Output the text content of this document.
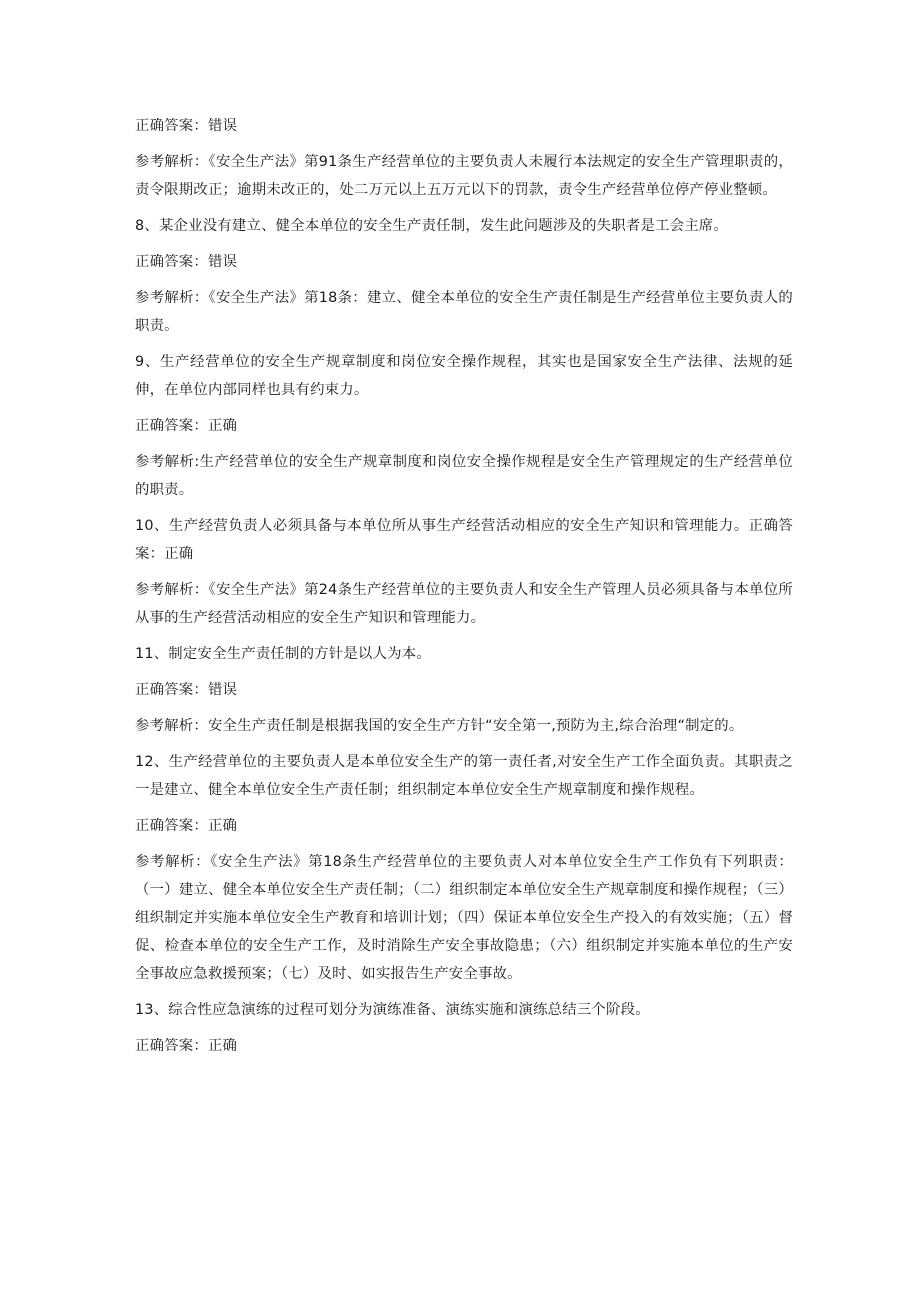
正确答案：错误

参考解析：《安全生产法》第91条生产经营单位的主要负责人未履行本法规定的安全生产管理职责的，责令限期改正；逾期未改正的，处二万元以上五万元以下的罚款，责令生产经营单位停产停业整顿。

8、某企业没有建立、健全本单位的安全生产责任制，发生此问题涉及的失职者是工会主席。

正确答案：错误

参考解析：《安全生产法》第18条：建立、健全本单位的安全生产责任制是生产经营单位主要负责人的职责。

9、生产经营单位的安全生产规章制度和岗位安全操作规程，其实也是国家安全生产法律、法规的延伸，在单位内部同样也具有约束力。

正确答案：正确

参考解析:生产经营单位的安全生产规章制度和岗位安全操作规程是安全生产管理规定的生产经营单位的职责。

10、生产经营负责人必须具备与本单位所从事生产经营活动相应的安全生产知识和管理能力。正确答案：正确

参考解析：《安全生产法》第24条生产经营单位的主要负责人和安全生产管理人员必须具备与本单位所从事的生产经营活动相应的安全生产知识和管理能力。

11、制定安全生产责任制的方针是以人为本。

正确答案：错误

参考解析：安全生产责任制是根据我国的安全生产方针“安全第一,预防为主,综合治理“制定的。

12、生产经营单位的主要负责人是本单位安全生产的第一责任者,对安全生产工作全面负责。其职责之一是建立、健全本单位安全生产责任制；组织制定本单位安全生产规章制度和操作规程。

正确答案：正确

参考解析：《安全生产法》第18条生产经营单位的主要负责人对本单位安全生产工作负有下列职责：（一）建立、健全本单位安全生产责任制；（二）组织制定本单位安全生产规章制度和操作规程；（三）组织制定并实施本单位安全生产教育和培训计划；（四）保证本单位安全生产投入的有效实施；（五）督促、检查本单位的安全生产工作，及时消除生产安全事故隐患；（六）组织制定并实施本单位的生产安全事故应急救援预案；（七）及时、如实报告生产安全事故。

13、综合性应急演练的过程可划分为演练准备、演练实施和演练总结三个阶段。

正确答案：正确
